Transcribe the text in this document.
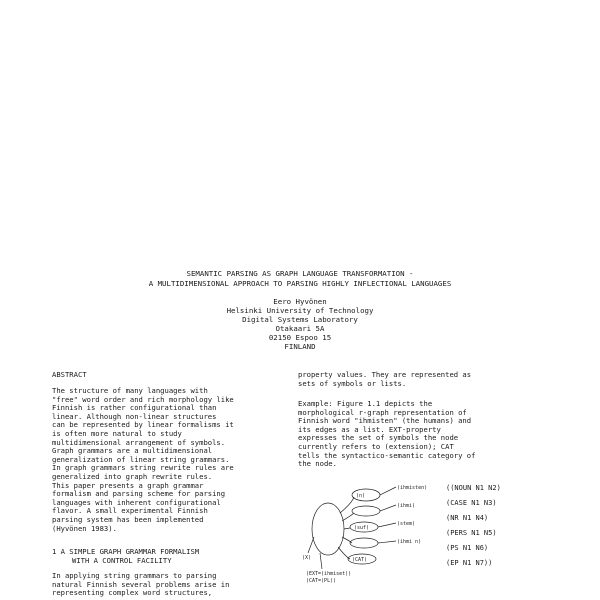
SEMANTIC PARSING AS GRAPH LANGUAGE TRANSFORMATION -
A MULTIDIMENSIONAL APPROACH TO PARSING HIGHLY INFLECTIONAL LANGUAGES
Eero Hyvönen
Helsinki University of Technology
Digital Systems Laboratory
Otakaari 5A
02150 Espoo 15
FINLAND
ABSTRACT
The structure of many languages with
"free" word order and rich morphology like
Finnish is rather configurational than
linear. Although non-linear structures
can be represented by linear formalisms it
is often more natural to study
multidimensional arrangement of symbols.
Graph grammars are a multidimensional
generalization of linear string grammars.
In graph grammars string rewrite rules are
generalized into graph rewrite rules.
This paper presents a graph grammar
formalism and parsing scheme for parsing
languages with inherent configurational
flavor. A small experimental Finnish
parsing system has been implemented
(Hyvönen 1983).
1 A SIMPLE GRAPH GRAMMAR FORMALISM
WITH A CONTROL FACILITY
In applying string grammars to parsing
natural Finnish several problems arise in
representing complex word structures,
property values. They are represented as
sets of symbols or lists.
Example: Figure 1.1 depicts the
morphological r-graph representation of
Finnish word "ihmisten" (the humans) and
its edges as a list. EXT-property
expresses the set of symbols the node
currently refers to (extension); CAT
tells the syntactico-semantic category of
the node.
(ihmisten)
(ihmi)
(stem)
(ihmi n)
(n)
(suf)
(X)	(CAT)
(EXT=(ihmiset))
(CAT=(PL))
((NOUN N1 N2)
(CASE N1 N3)
(NR N1 N4)
(PERS N1 N5)
(PS N1 N6)
(EP N1 N7))
